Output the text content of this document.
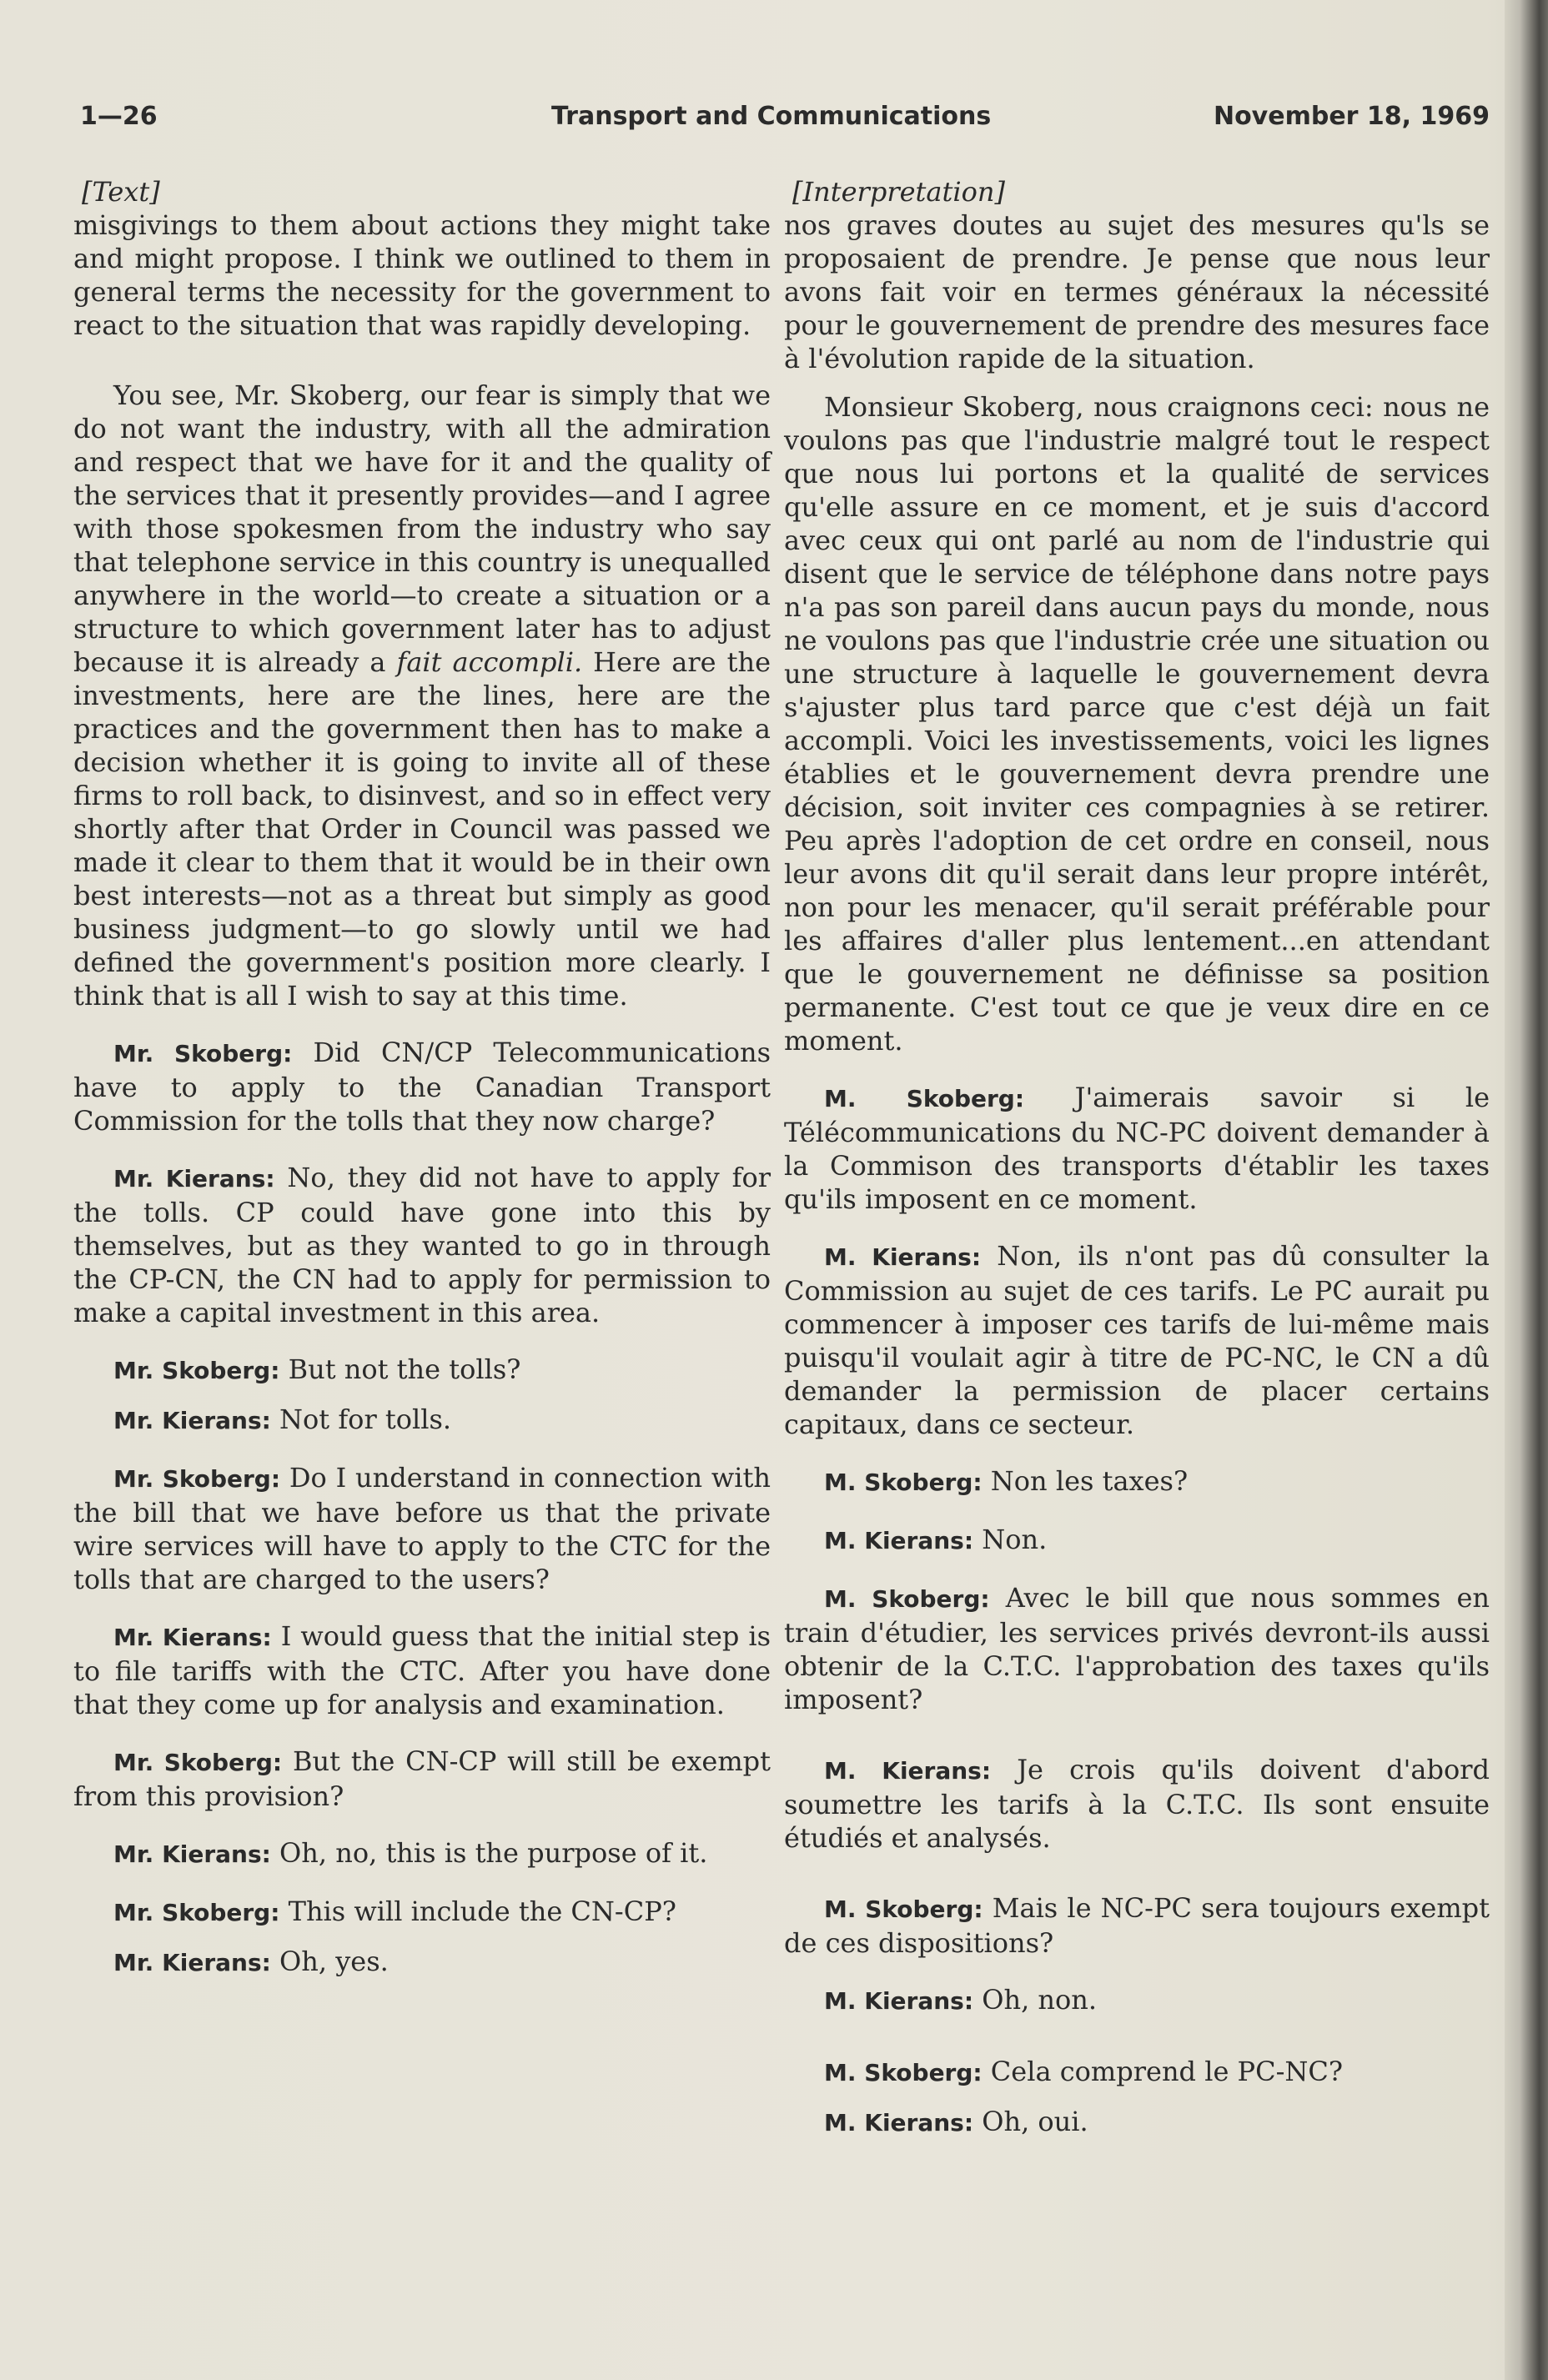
1—26	Transport and Communications	November 18, 1969
[Text]

misgivings to them about actions they might take and might propose. I think we outlined to them in general terms the necessity for the government to react to the situation that was rapidly developing.

You see, Mr. Skoberg, our fear is simply that we do not want the industry, with all the admiration and respect that we have for it and the quality of the services that it presently provides—and I agree with those spokesmen from the industry who say that telephone service in this country is unequalled anywhere in the world—to create a situation or a structure to which government later has to adjust because it is already a fait accompli. Here are the investments, here are the lines, here are the practices and the government then has to make a decision whether it is going to invite all of these firms to roll back, to disinvest, and so in effect very shortly after that Order in Council was passed we made it clear to them that it would be in their own best interests—not as a threat but simply as good business judgment—to go slowly until we had defined the government's position more clearly. I think that is all I wish to say at this time.

Mr. Skoberg: Did CN/CP Telecommunications have to apply to the Canadian Transport Commission for the tolls that they now charge?

Mr. Kierans: No, they did not have to apply for the tolls. CP could have gone into this by themselves, but as they wanted to go in through the CP-CN, the CN had to apply for permission to make a capital investment in this area.

Mr. Skoberg: But not the tolls?

Mr. Kierans: Not for tolls.

Mr. Skoberg: Do I understand in connection with the bill that we have before us that the private wire services will have to apply to the CTC for the tolls that are charged to the users?

Mr. Kierans: I would guess that the initial step is to file tariffs with the CTC. After you have done that they come up for analysis and examination.

Mr. Skoberg: But the CN-CP will still be exempt from this provision?

Mr. Kierans: Oh, no, this is the purpose of it.

Mr. Skoberg: This will include the CN-CP?

Mr. Kierans: Oh, yes.

[Interpretation]

nos graves doutes au sujet des mesures qu'ls se proposaient de prendre. Je pense que nous leur avons fait voir en termes généraux la nécessité pour le gouvernement de prendre des mesures face à l'évolution rapide de la situation.

Monsieur Skoberg, nous craignons ceci: nous ne voulons pas que l'industrie malgré tout le respect que nous lui portons et la qualité de services qu'elle assure en ce moment, et je suis d'accord avec ceux qui ont parlé au nom de l'industrie qui disent que le service de téléphone dans notre pays n'a pas son pareil dans aucun pays du monde, nous ne voulons pas que l'industrie crée une situation ou une structure à laquelle le gouvernement devra s'ajuster plus tard parce que c'est déjà un fait accompli. Voici les investissements, voici les lignes établies et le gouvernement devra prendre une décision, soit inviter ces compagnies à se retirer. Peu après l'adoption de cet ordre en conseil, nous leur avons dit qu'il serait dans leur propre intérêt, non pour les menacer, qu'il serait préférable pour les affaires d'aller plus lentement...en attendant que le gouvernement ne définisse sa position permanente. C'est tout ce que je veux dire en ce moment.

M. Skoberg: J'aimerais savoir si le Télécommunications du NC-PC doivent demander à la Commison des transports d'établir les taxes qu'ils imposent en ce moment.

M. Kierans: Non, ils n'ont pas dû consulter la Commission au sujet de ces tarifs. Le PC aurait pu commencer à imposer ces tarifs de lui-même mais puisqu'il voulait agir à titre de PC-NC, le CN a dû demander la permission de placer certains capitaux, dans ce secteur.

M. Skoberg: Non les taxes?

M. Kierans: Non.

M. Skoberg: Avec le bill que nous sommes en train d'étudier, les services privés devront-ils aussi obtenir de la C.T.C. l'approbation des taxes qu'ils imposent?

M. Kierans: Je crois qu'ils doivent d'abord soumettre les tarifs à la C.T.C. Ils sont ensuite étudiés et analysés.

M. Skoberg: Mais le NC-PC sera toujours exempt de ces dispositions?

M. Kierans: Oh, non.

M. Skoberg: Cela comprend le PC-NC?

M. Kierans: Oh, oui.
